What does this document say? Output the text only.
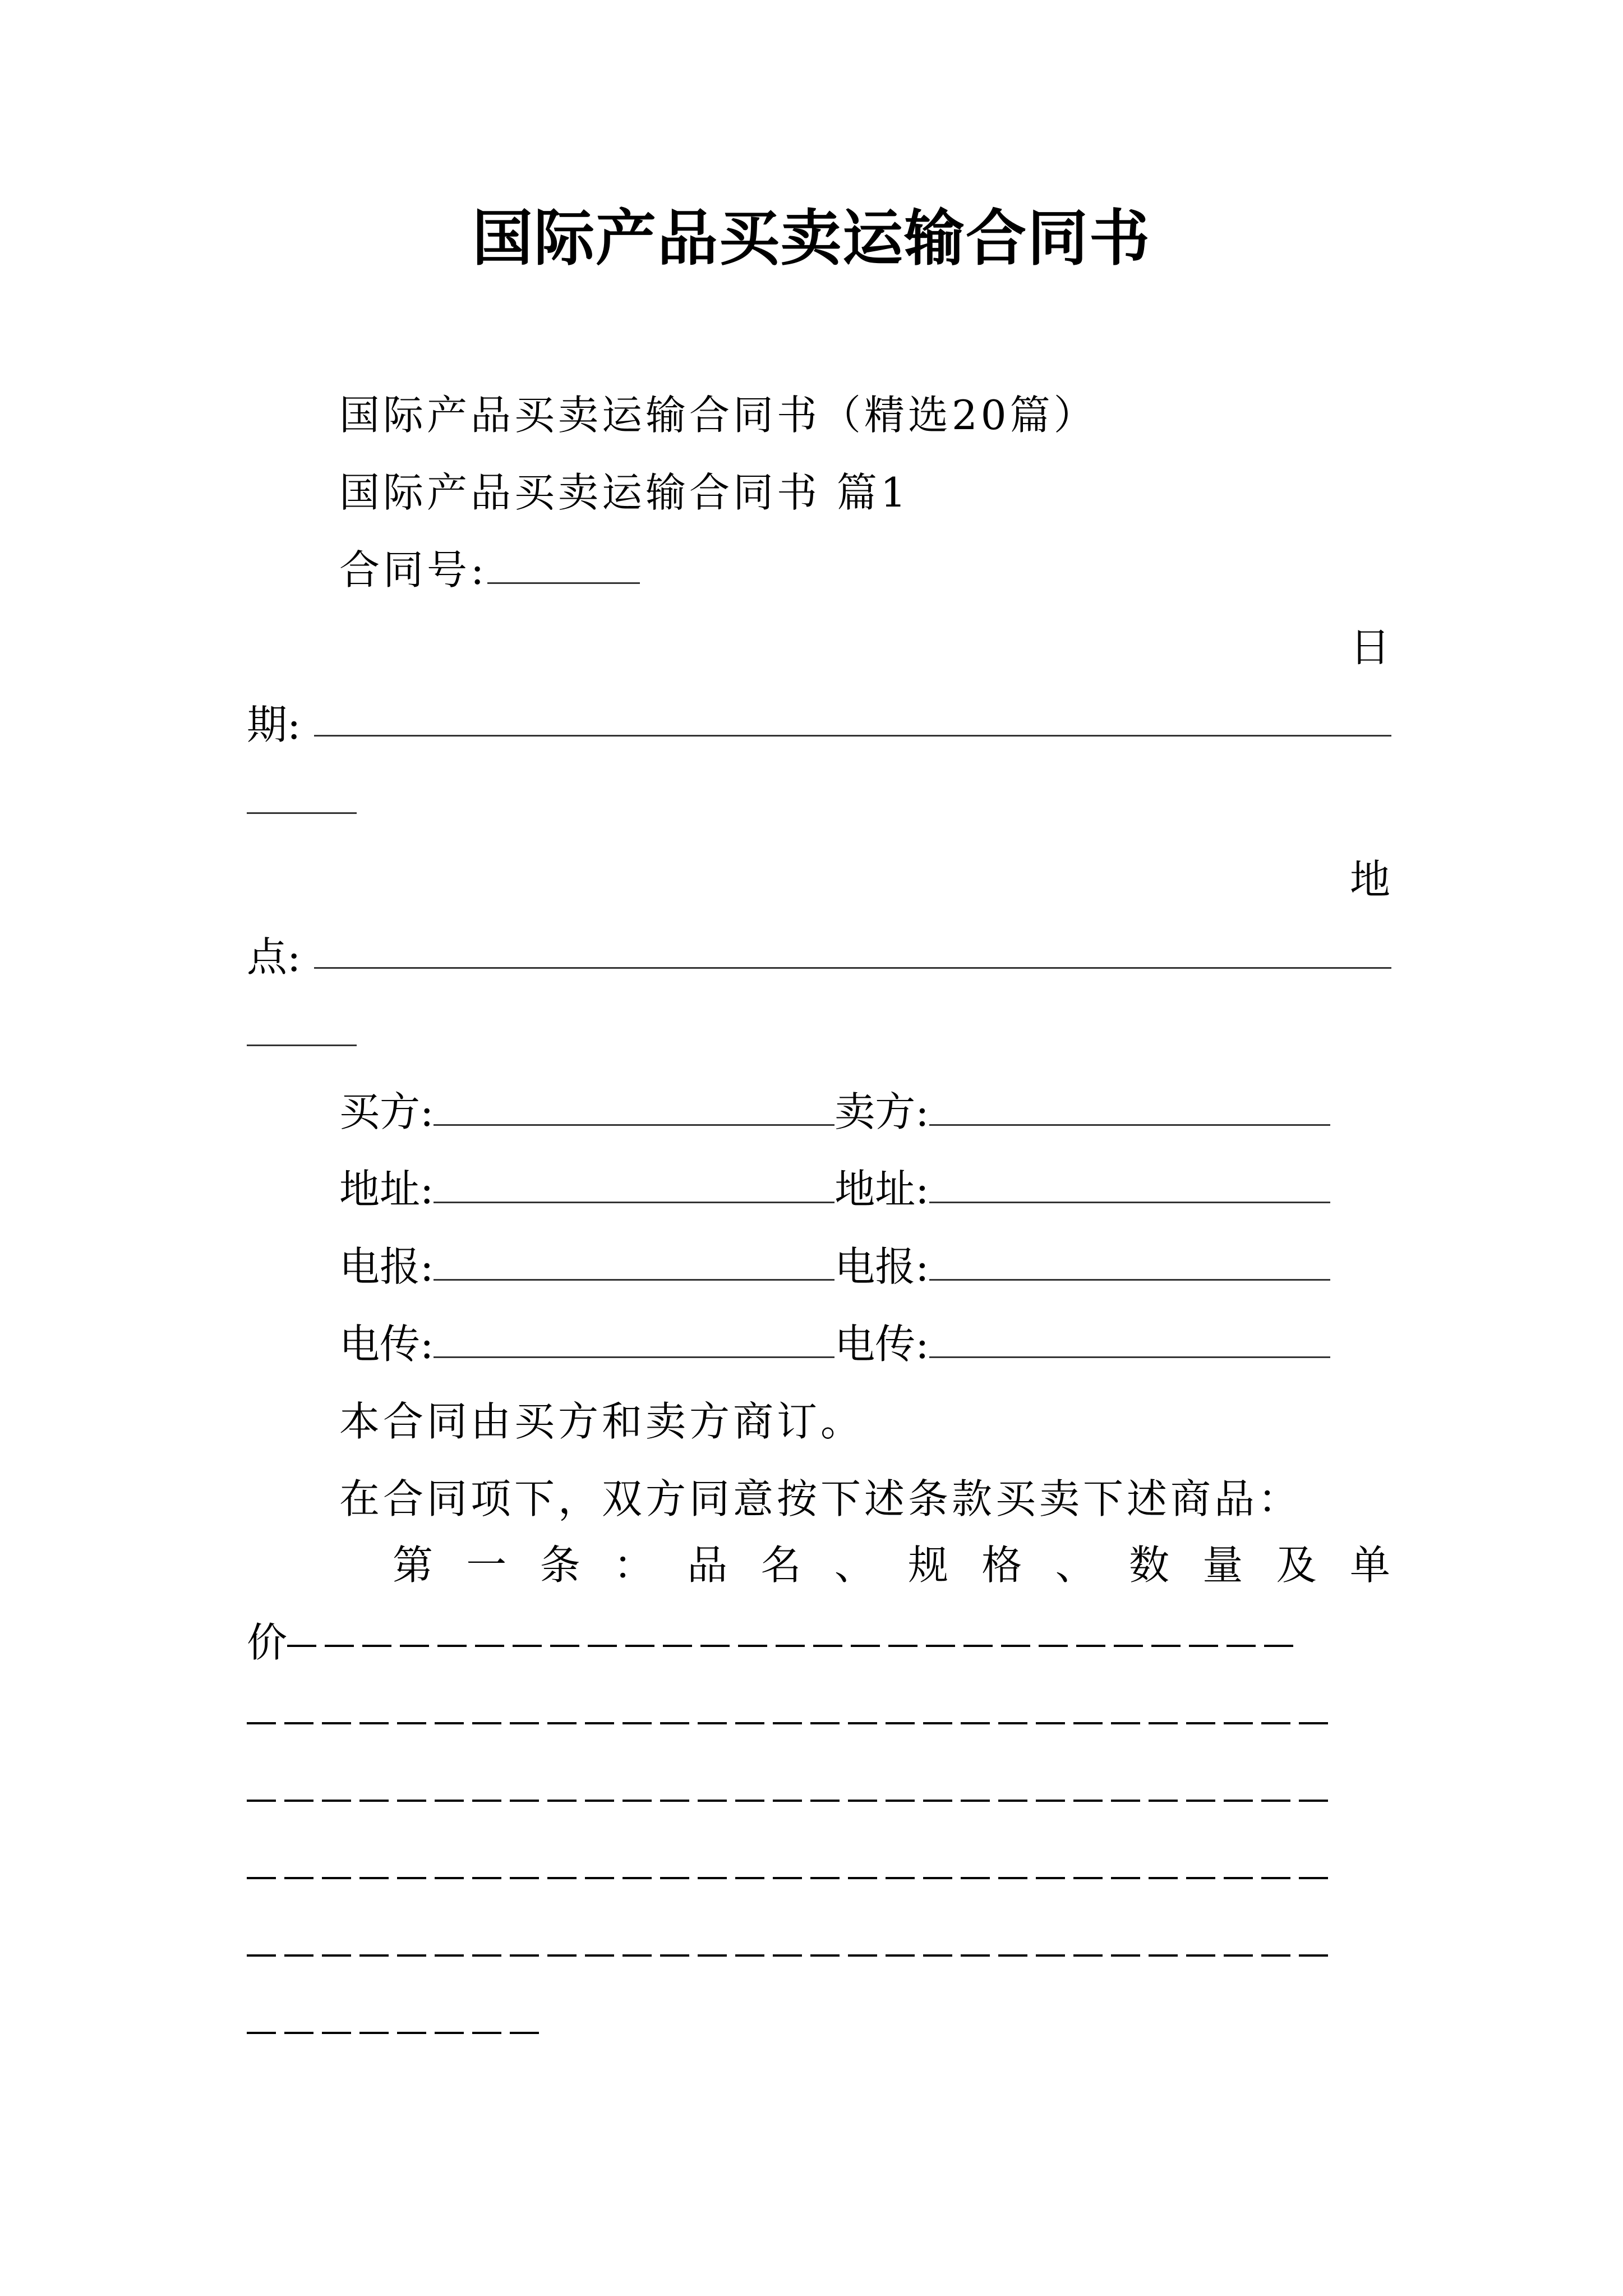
国际产品买卖运输合同书
国际产品买卖运输合同书（精选20篇）
国际产品买卖运输合同书 篇1
合同号:
日
期:
地
点:
买方:	卖方:
地址:	地址:
电报:	电报:
电传:	电传:
本合同由买方和卖方商订。
在合同项下，双方同意按下述条款买卖下述商品：
第 一 条 ： 品 名 、 规 格 、 数 量 及 单
价
